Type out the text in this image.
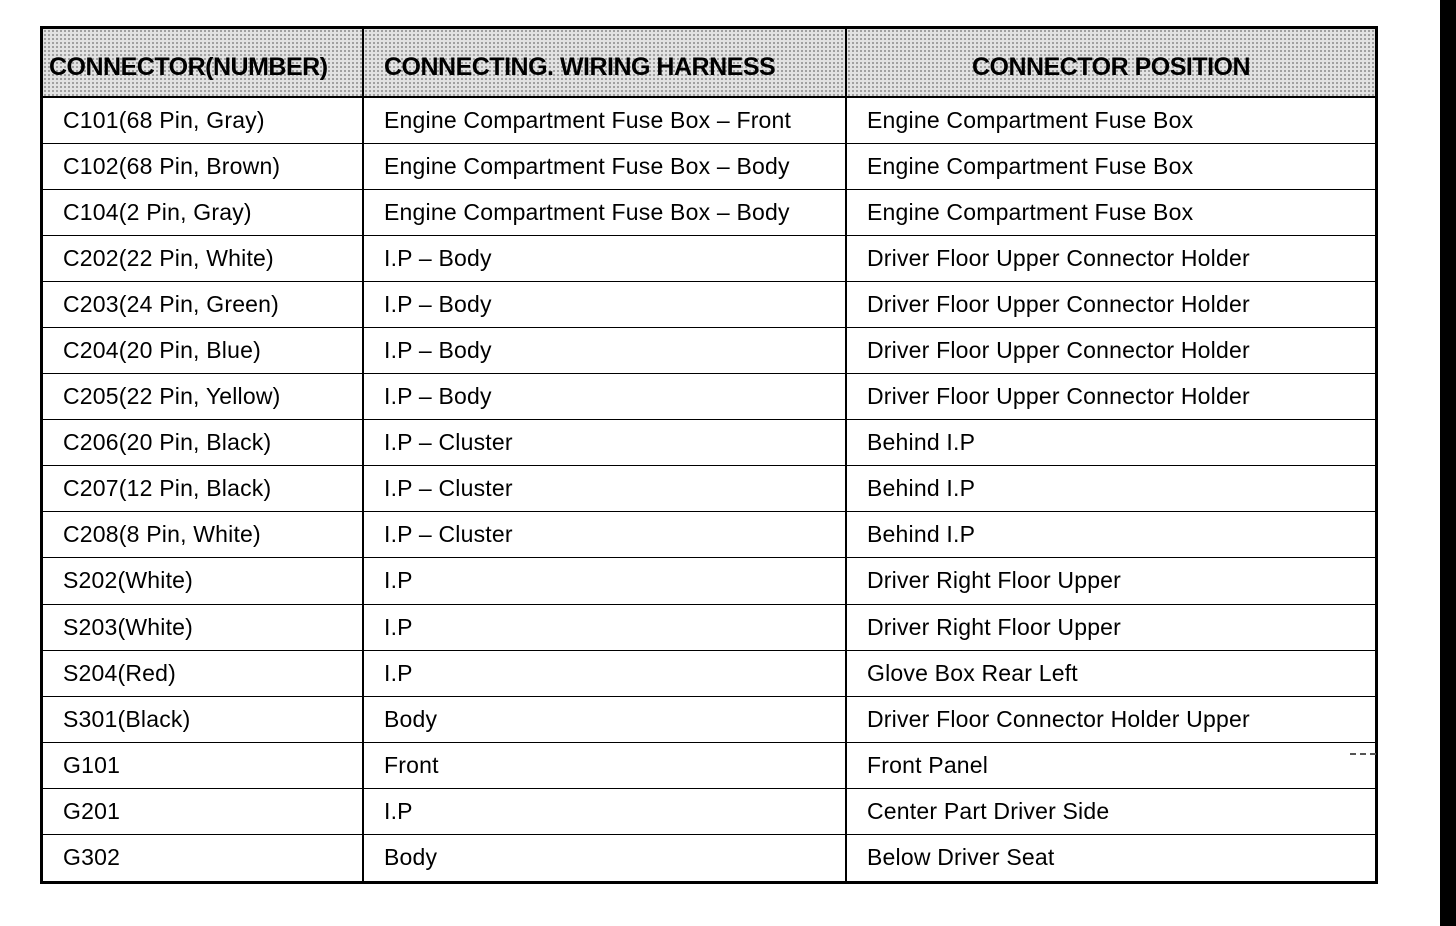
CONNECTOR(NUMBER)	CONNECTING. WIRING HARNESS	CONNECTOR POSITION
C101(68 Pin, Gray)	Engine Compartment Fuse Box – Front	Engine Compartment Fuse Box
C102(68 Pin, Brown)	Engine Compartment Fuse Box – Body	Engine Compartment Fuse Box
C104(2 Pin, Gray)	Engine Compartment Fuse Box – Body	Engine Compartment Fuse Box
C202(22 Pin, White)	I.P – Body	Driver Floor Upper Connector Holder
C203(24 Pin, Green)	I.P – Body	Driver Floor Upper Connector Holder
C204(20 Pin, Blue)	I.P – Body	Driver Floor Upper Connector Holder
C205(22 Pin, Yellow)	I.P – Body	Driver Floor Upper Connector Holder
C206(20 Pin, Black)	I.P – Cluster	Behind I.P
C207(12 Pin, Black)	I.P – Cluster	Behind I.P
C208(8 Pin, White)	I.P – Cluster	Behind I.P
S202(White)	I.P	Driver Right Floor Upper
S203(White)	I.P	Driver Right Floor Upper
S204(Red)	I.P	Glove Box Rear Left
S301(Black)	Body	Driver Floor Connector Holder Upper
G101	Front	Front Panel
G201	I.P	Center Part Driver Side
G302	Body	Below Driver Seat
